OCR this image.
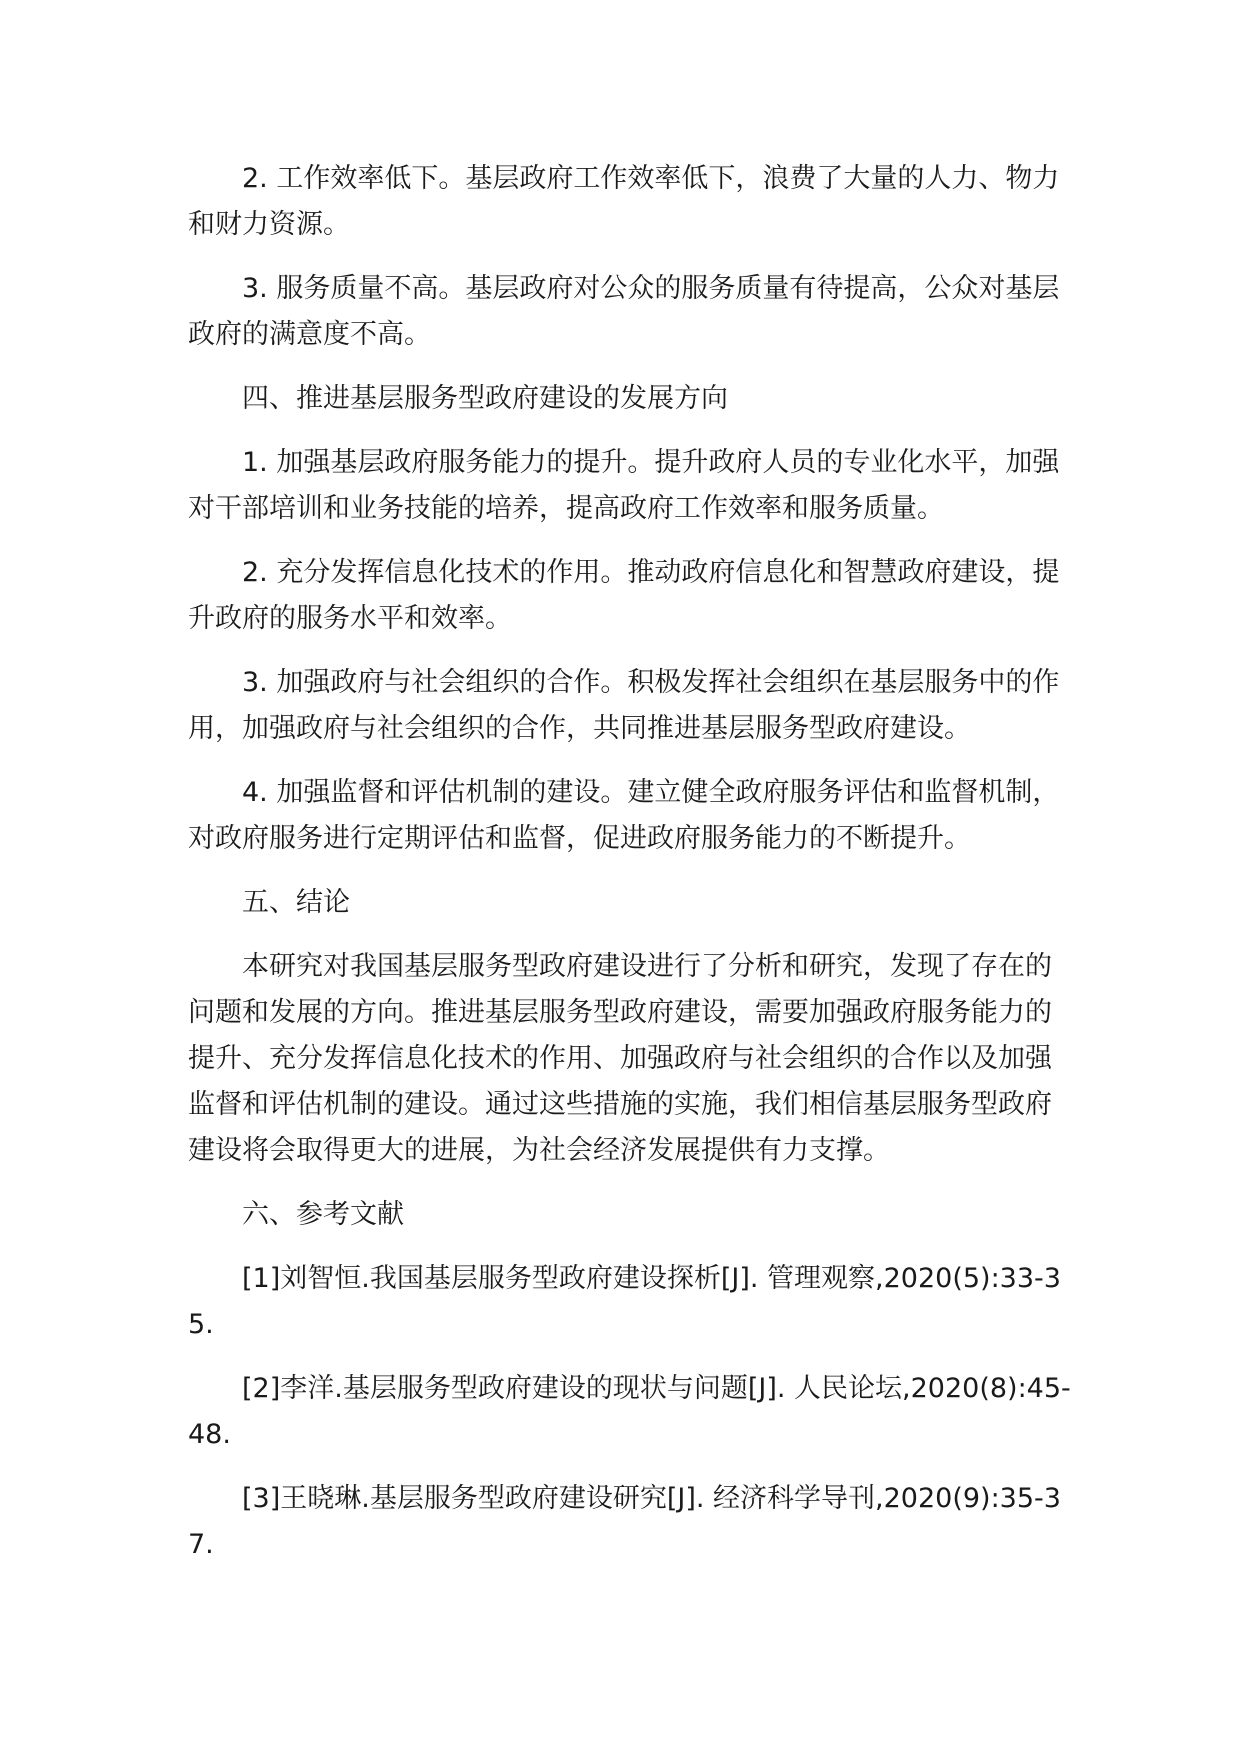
2. 工作效率低下。基层政府工作效率低下，浪费了大量的人力、物力和财力资源。

3. 服务质量不高。基层政府对公众的服务质量有待提高，公众对基层政府的满意度不高。

四、推进基层服务型政府建设的发展方向

1. 加强基层政府服务能力的提升。提升政府人员的专业化水平，加强对干部培训和业务技能的培养，提高政府工作效率和服务质量。

2. 充分发挥信息化技术的作用。推动政府信息化和智慧政府建设，提升政府的服务水平和效率。

3. 加强政府与社会组织的合作。积极发挥社会组织在基层服务中的作用，加强政府与社会组织的合作，共同推进基层服务型政府建设。

4. 加强监督和评估机制的建设。建立健全政府服务评估和监督机制，对政府服务进行定期评估和监督，促进政府服务能力的不断提升。

五、结论

本研究对我国基层服务型政府建设进行了分析和研究，发现了存在的问题和发展的方向。推进基层服务型政府建设，需要加强政府服务能力的提升、充分发挥信息化技术的作用、加强政府与社会组织的合作以及加强监督和评估机制的建设。通过这些措施的实施，我们相信基层服务型政府建设将会取得更大的进展，为社会经济发展提供有力支撑。

六、参考文献

[1]刘智恒.我国基层服务型政府建设探析[J]. 管理观察,2020(5):33-35.

[2]李洋.基层服务型政府建设的现状与问题[J]. 人民论坛,2020(8):45-48.

[3]王晓琳.基层服务型政府建设研究[J]. 经济科学导刊,2020(9):35-37.
